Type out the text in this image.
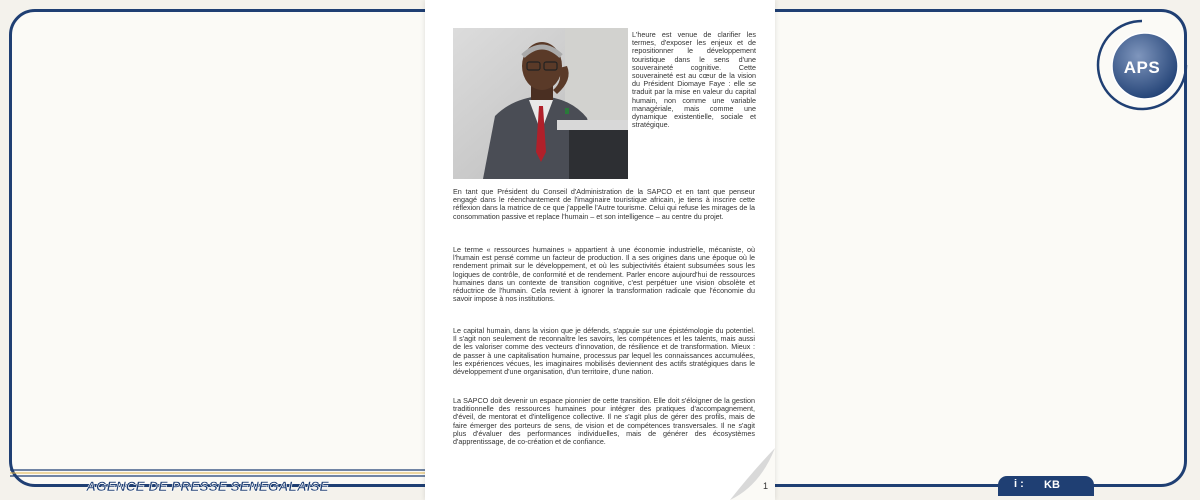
L'heure est venue de clarifier les termes, d'exposer les enjeux et de repositionner le développement touristique dans le sens d'une souveraineté cognitive. Cette souveraineté est au cœur de la vision du Président Diomaye Faye : elle se traduit par la mise en valeur du capital humain, non comme une variable managériale, mais comme une dynamique existentielle, sociale et stratégique.

En tant que Président du Conseil d'Administration de la SAPCO et en tant que penseur engagé dans le réenchantement de l'imaginaire touristique africain, je tiens à inscrire cette réflexion dans la matrice de ce que j'appelle l'Autre tourisme. Celui qui refuse les mirages de la consommation passive et replace l'humain – et son intelligence – au centre du projet.

Le terme « ressources humaines » appartient à une économie industrielle, mécaniste, où l'humain est pensé comme un facteur de production. Il a ses origines dans une époque où le rendement primait sur le développement, et où les subjectivités étaient subsumées sous les logiques de contrôle, de conformité et de rendement. Parler encore aujourd'hui de ressources humaines dans un contexte de transition cognitive, c'est perpétuer une vision obsolète et réductrice de l'humain. Cela revient à ignorer la transformation radicale que l'économie du savoir impose à nos institutions.

Le capital humain, dans la vision que je défends, s'appuie sur une épistémologie du potentiel. Il s'agit non seulement de reconnaître les savoirs, les compétences et les talents, mais aussi de les valoriser comme des vecteurs d'innovation, de résilience et de transformation. Mieux : de passer à une capitalisation humaine, processus par lequel les connaissances accumulées, les expériences vécues, les imaginaires mobilisés deviennent des actifs stratégiques dans le développement d'une organisation, d'un territoire, d'une nation.

La SAPCO doit devenir un espace pionnier de cette transition. Elle doit s'éloigner de la gestion traditionnelle des ressources humaines pour intégrer des pratiques d'accompagnement, d'éveil, de mentorat et d'intelligence collective. Il ne s'agit plus de gérer des profils, mais de faire émerger des porteurs de sens, de vision et de compétences transversales. Il ne s'agit plus d'évaluer des performances individuelles, mais de générer des écosystèmes d'apprentissage, de co-création et de confiance.

1
APS
AGENCE DE PRESSE SENEGALAISE	i : KB
